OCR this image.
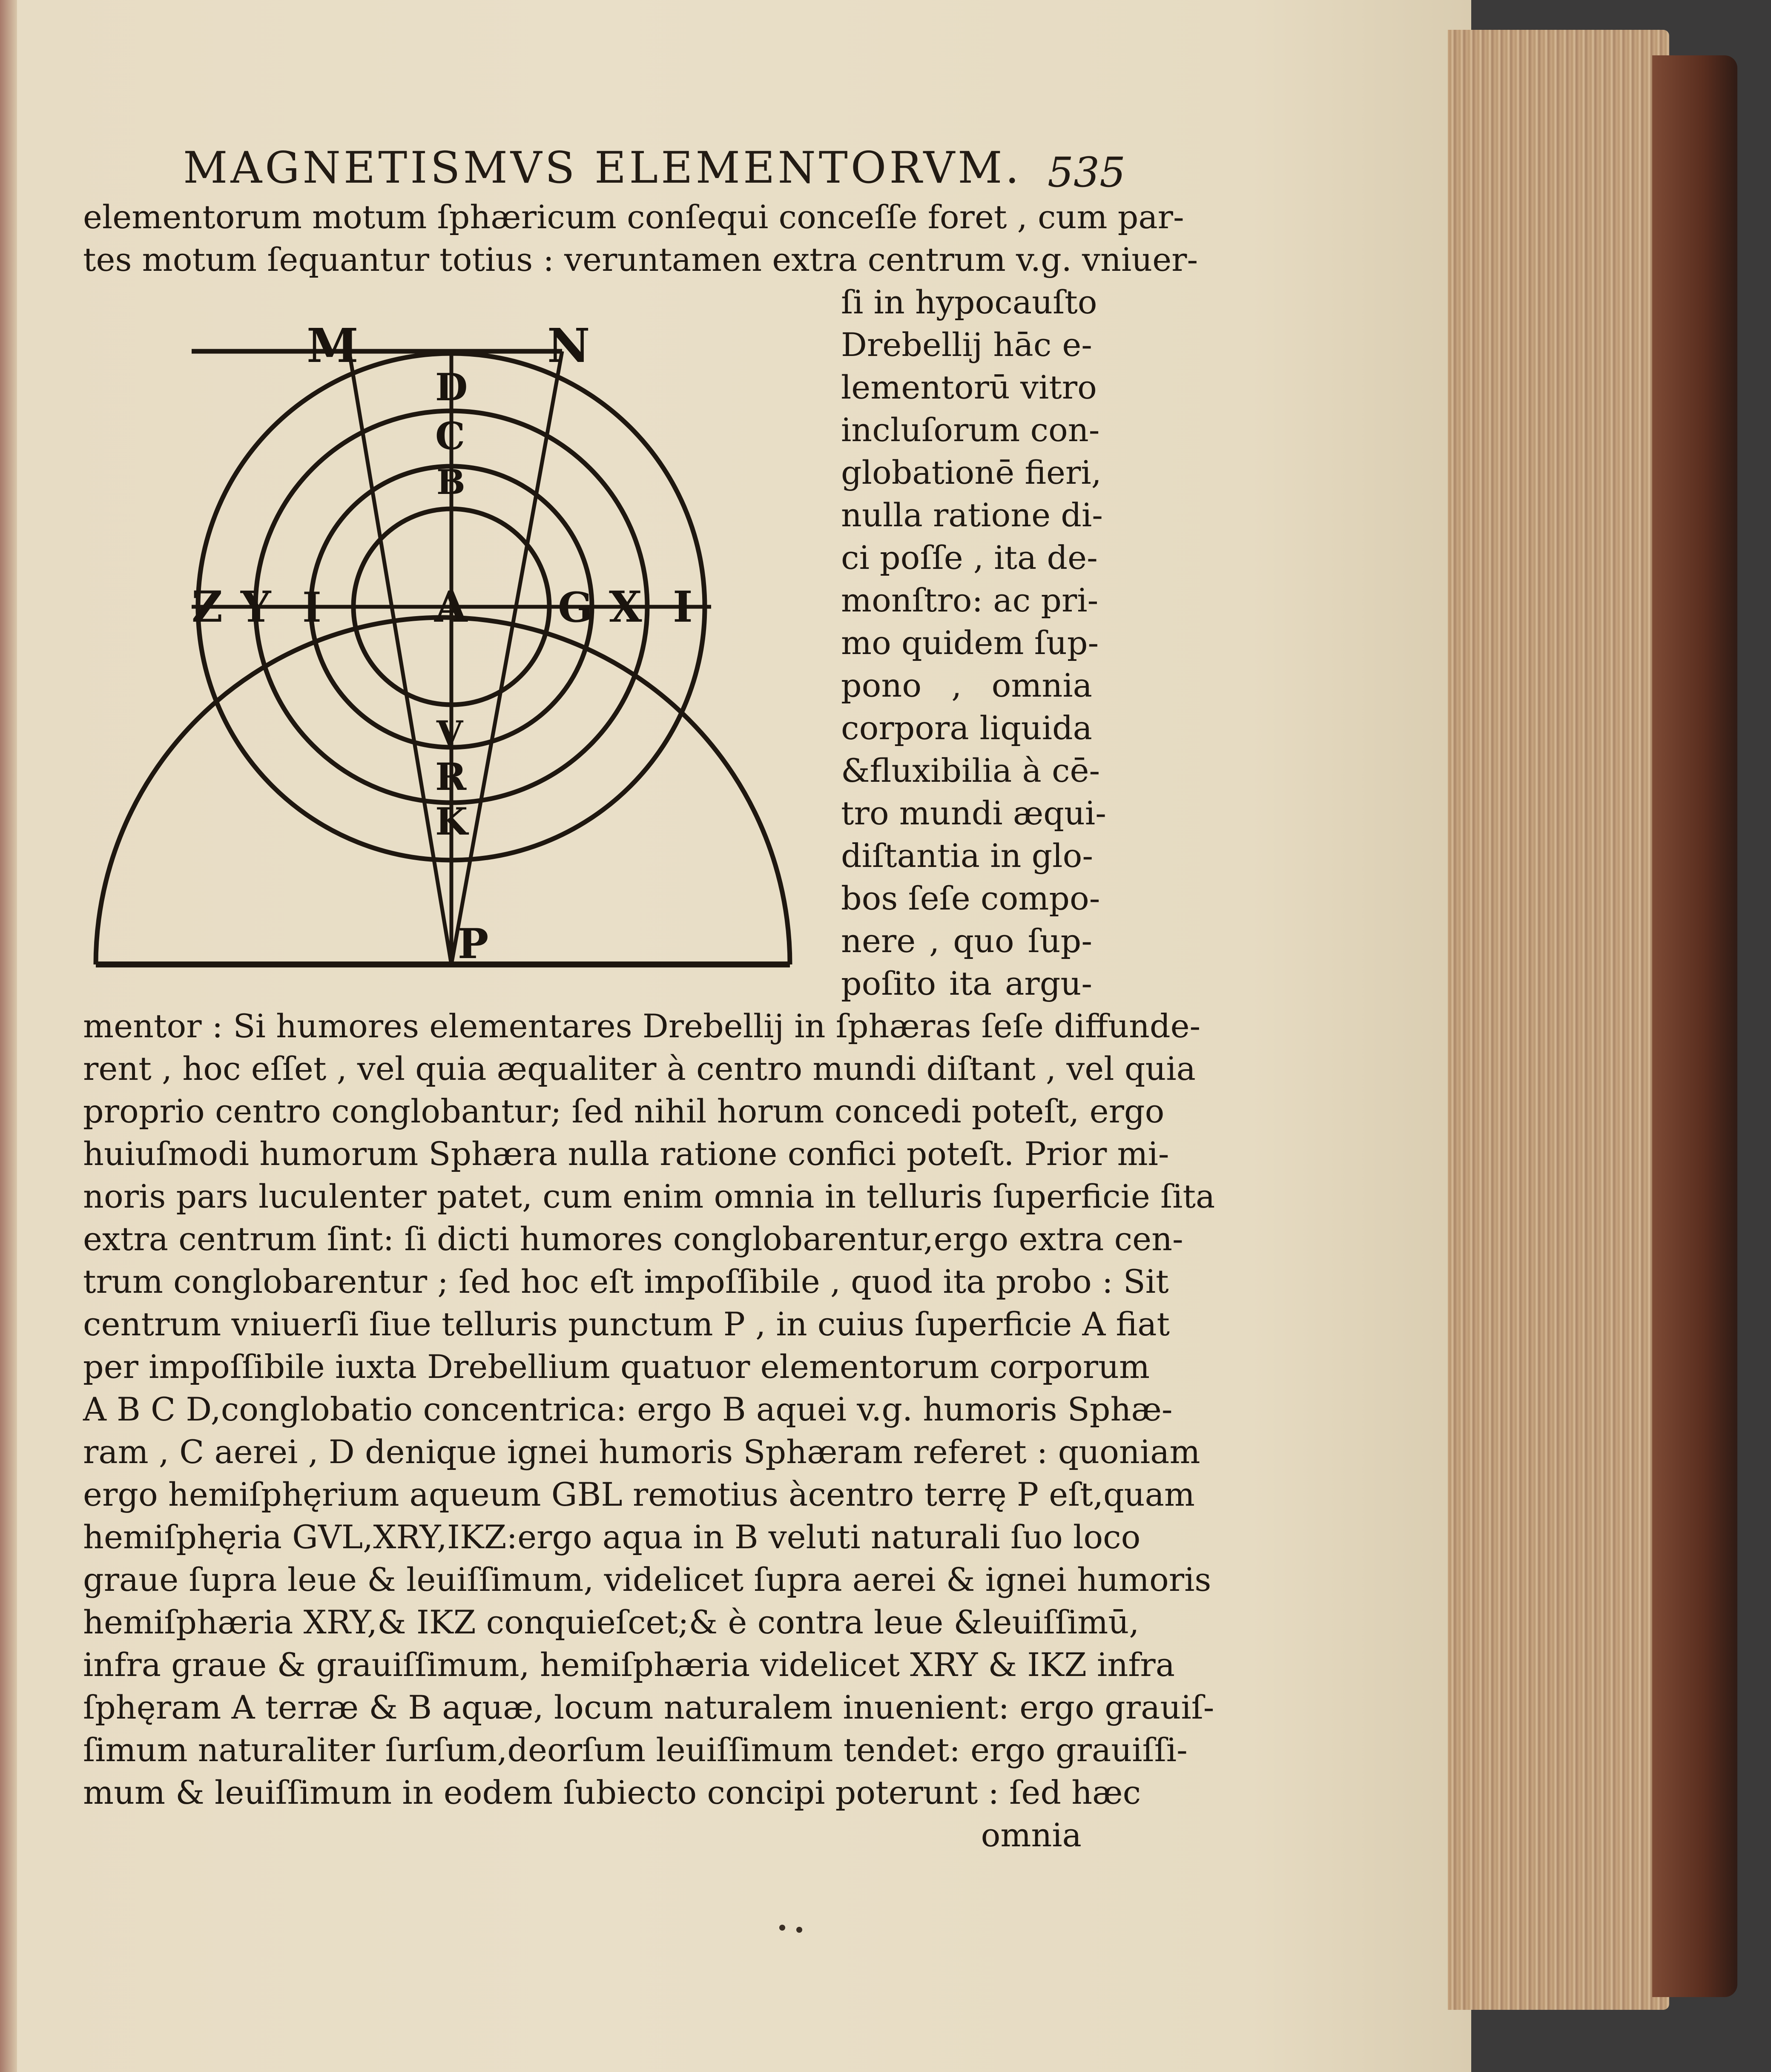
MAGNETISMVS ELEMENTORVM. 535
elementorum motum ſphæricum conſequi conceſſe foret , cum par-
tes motum ſequantur totius : veruntamen extra centrum v.g. vniuer-
ſi in hypocauſto
Drebellij hāc e-
lementorū vitro
incluſorum con-
globationē fieri,
nulla ratione di-
ci poſſe , ita de-
monſtro: ac pri-
mo quidem ſup-
pono , omnia
corpora liquida
&fluxibilia à cē-
tro mundi æqui-
diſtantia in glo-
bos ſeſe compo-
nere , quo ſup-
poſito ita argu-
mentor : Si humores elementares Drebellij in ſphæras ſeſe diffunde-
rent , hoc eſſet , vel quia æqualiter à centro mundi diſtant , vel quia
proprio centro conglobantur; ſed nihil horum concedi poteſt, ergo
huiuſmodi humorum Sphæra nulla ratione confici poteſt. Prior mi-
noris pars luculenter patet, cum enim omnia in telluris ſuperficie ſita
extra centrum ſint: ſi dicti humores conglobarentur,ergo extra cen-
trum conglobarentur ; ſed hoc eſt impoſſibile , quod ita probo : Sit
centrum vniuerſi ſiue telluris punctum P , in cuius ſuperficie A fiat
per impoſſibile iuxta Drebellium quatuor elementorum corporum
A B C D,conglobatio concentrica: ergo B aquei v.g. humoris Sphæ-
ram , C aerei , D denique ignei humoris Sphæram referet : quoniam
ergo hemiſphęrium aqueum GBL remotius àcentro terrę P eſt,quam
hemiſphęria GVL,XRY,IKZ:ergo aqua in B veluti naturali ſuo loco
graue ſupra leue & leuiſſimum, videlicet ſupra aerei & ignei humoris
hemiſphæria XRY,& IKZ conquieſcet;& è contra leue &leuiſſimū,
infra graue & grauiſſimum, hemiſphæria videlicet XRY & IKZ infra
ſphęram A terræ & B aquæ, locum naturalem inuenient: ergo grauiſ-
ſimum naturaliter ſurſum,deorſum leuiſſimum tendet: ergo grauiſſi-
mum & leuiſſimum in eodem ſubiecto concipi poterunt : ſed hæc
omnia
M	N
D
C
B
Z Y I	A G X I
V
R
K
P
